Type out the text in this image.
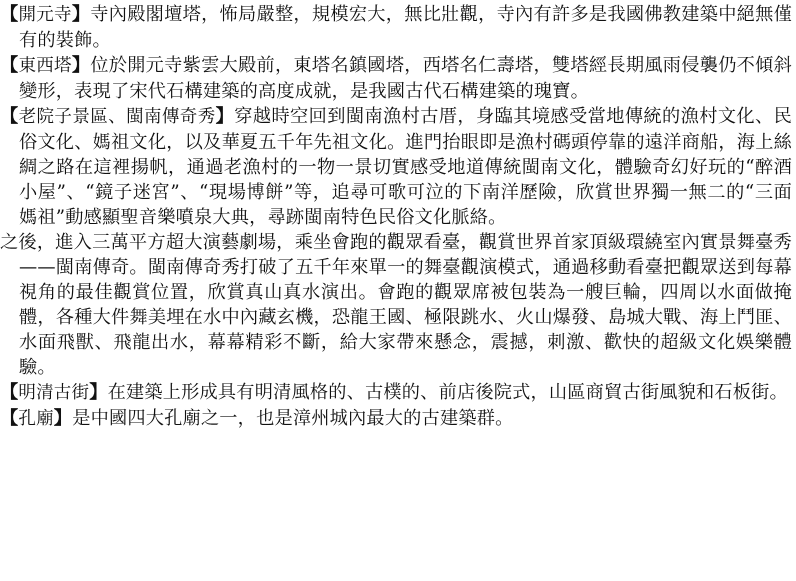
【開元寺】寺內殿閣壇塔，怖局嚴整，規模宏大，無比壯觀，寺內有許多是我國佛教建築中絕無僅有的裝飾。

【東西塔】位於開元寺紫雲大殿前，東塔名鎮國塔，西塔名仁壽塔，雙塔經長期風雨侵襲仍不傾斜變形，表現了宋代石構建築的高度成就，是我國古代石構建築的瑰寶。

【老院子景區、閩南傳奇秀】穿越時空回到閩南漁村古厝，身臨其境感受當地傳統的漁村文化、民俗文化、媽祖文化，以及華夏五千年先祖文化。進門抬眼即是漁村碼頭停靠的遠洋商船，海上絲綢之路在這裡揚帆，通過老漁村的一物一景切實感受地道傳統閩南文化，體驗奇幻好玩的“醉酒小屋”、“鏡子迷宮”、“現場博餅”等，追尋可歌可泣的下南洋歷險，欣賞世界獨一無二的“三面媽祖”動感顯聖音樂噴泉大典，尋跡閩南特色民俗文化脈絡。

之後，進入三萬平方超大演藝劇場，乘坐會跑的觀眾看臺，觀賞世界首家頂級環繞室內實景舞臺秀——閩南傳奇。閩南傳奇秀打破了五千年來單一的舞臺觀演模式，通過移動看臺把觀眾送到每幕視角的最佳觀賞位置，欣賞真山真水演出。會跑的觀眾席被包裝為一艘巨輪，四周以水面做掩體，各種大件舞美埋在水中內藏玄機，恐龍王國、極限跳水、火山爆發、島城大戰、海上鬥匪、水面飛獸、飛龍出水，幕幕精彩不斷，給大家帶來懸念，震撼，刺激、歡快的超級文化娛樂體驗。

【明清古街】在建築上形成具有明清風格的、古樸的、前店後院式，山區商貿古街風貌和石板街。

【孔廟】是中國四大孔廟之一，也是漳州城內最大的古建築群。
